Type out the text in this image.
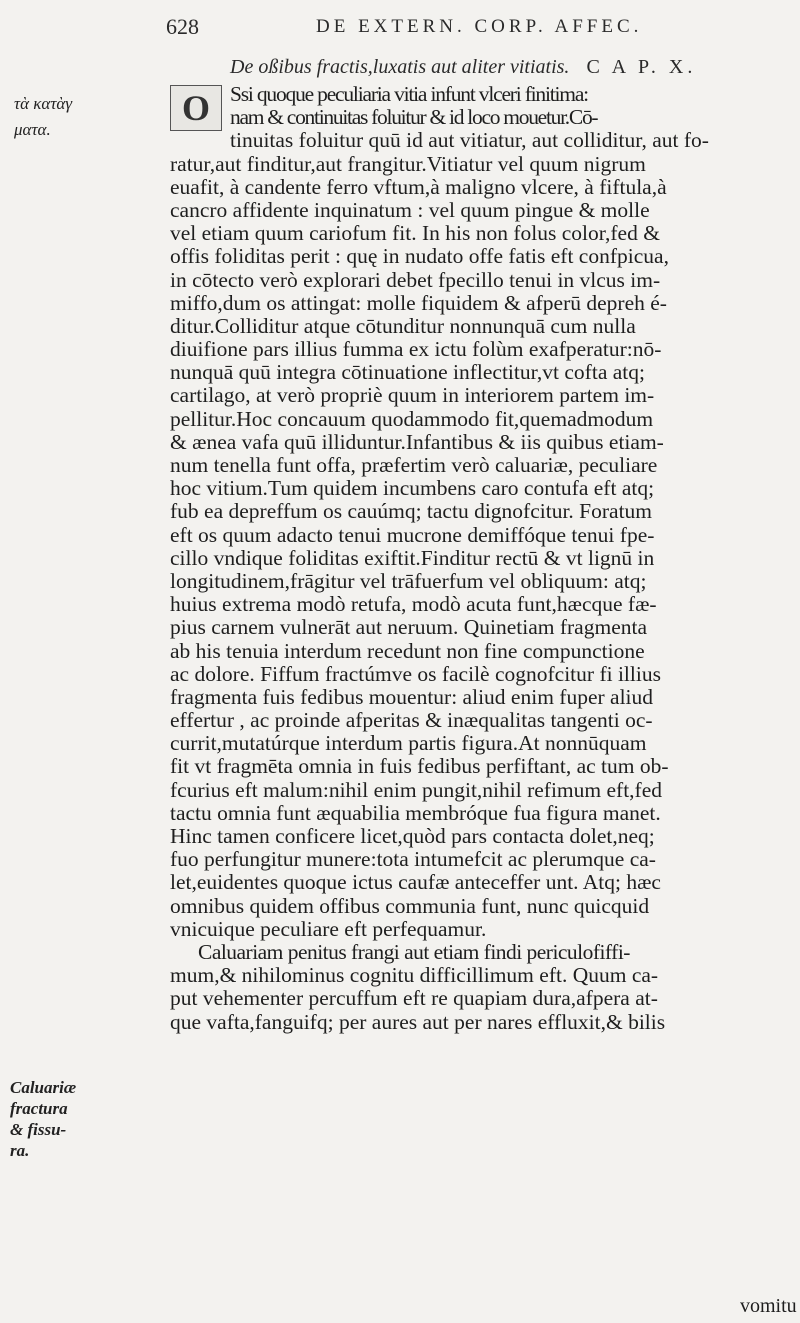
628	DE EXTERN. CORP. AFFEC.
De oßibus fractis,luxatis aut aliter vitiatis. C A P. X.
τὰ κατὰγ
ματα.
Caluariæ
fractura
& fissu-
ra.
O Ssi quoque peculiaria vitia infunt vlceri finitima:
nam & continuitas foluitur & id loco mouetur.Cō-
tinuitas foluitur quū id aut vitiatur, aut colliditur, aut fo-
ratur,aut finditur,aut frangitur.Vitiatur vel quum nigrum
euafit, à candente ferro vftum,à maligno vlcere, à fiftula,à
cancro affidente inquinatum : vel quum pingue & molle
vel etiam quum cariofum fit. In his non folus color,fed &
offis foliditas perit : quę in nudato offe fatis eft confpicua,
in cōtecto verò explorari debet fpecillo tenui in vlcus im-
miffo,dum os attingat: molle fiquidem & afperū depreh é-
ditur.Colliditur atque cōtunditur nonnunquā cum nulla
diuifione pars illius fumma ex ictu folùm exafperatur:nō-
nunquā quū integra cōtinuatione inflectitur,vt cofta atq;
cartilago, at verò propriè quum in interiorem partem im-
pellitur.Hoc concauum quodammodo fit,quemadmodum
& ænea vafa quū illiduntur.Infantibus & iis quibus etiam-
num tenella funt offa, præfertim verò caluariæ, peculiare
hoc vitium.Tum quidem incumbens caro contufa eft atq;
fub ea depreffum os cauúmq; tactu dignofcitur. Foratum
eft os quum adacto tenui mucrone demiffóque tenui fpe-
cillo vndique foliditas exiftit.Finditur rectū & vt lignū in
longitudinem,frāgitur vel trāfuerfum vel obliquum: atq;
huius extrema modò retufa, modò acuta funt,hæcque fæ-
pius carnem vulnerāt aut neruum. Quinetiam fragmenta
ab his tenuia interdum recedunt non fine compunctione
ac dolore. Fiffum fractúmve os facilè cognofcitur fi illius
fragmenta fuis fedibus mouentur: aliud enim fuper aliud
effertur , ac proinde afperitas & inæqualitas tangenti oc-
currit,mutatúrque interdum partis figura.At nonnūquam
fit vt fragmēta omnia in fuis fedibus perfiftant, ac tum ob-
fcurius eft malum:nihil enim pungit,nihil refimum eft,fed
tactu omnia funt æquabilia membróque fua figura manet.
Hinc tamen conficere licet,quòd pars contacta dolet,neq;
fuo perfungitur munere:tota intumefcit ac plerumque ca-
let,euidentes quoque ictus caufæ anteceffer unt. Atq; hæc
omnibus quidem offibus communia funt, nunc quicquid
vnicuique peculiare eft perfequamur.
Caluariam penitus frangi aut etiam findi periculofiffi-
mum,& nihilominus cognitu difficillimum eft. Quum ca-
put vehementer percuffum eft re quapiam dura,afpera at-
que vafta,fanguifq; per aures aut per nares effluxit,& bilis
vomitu
